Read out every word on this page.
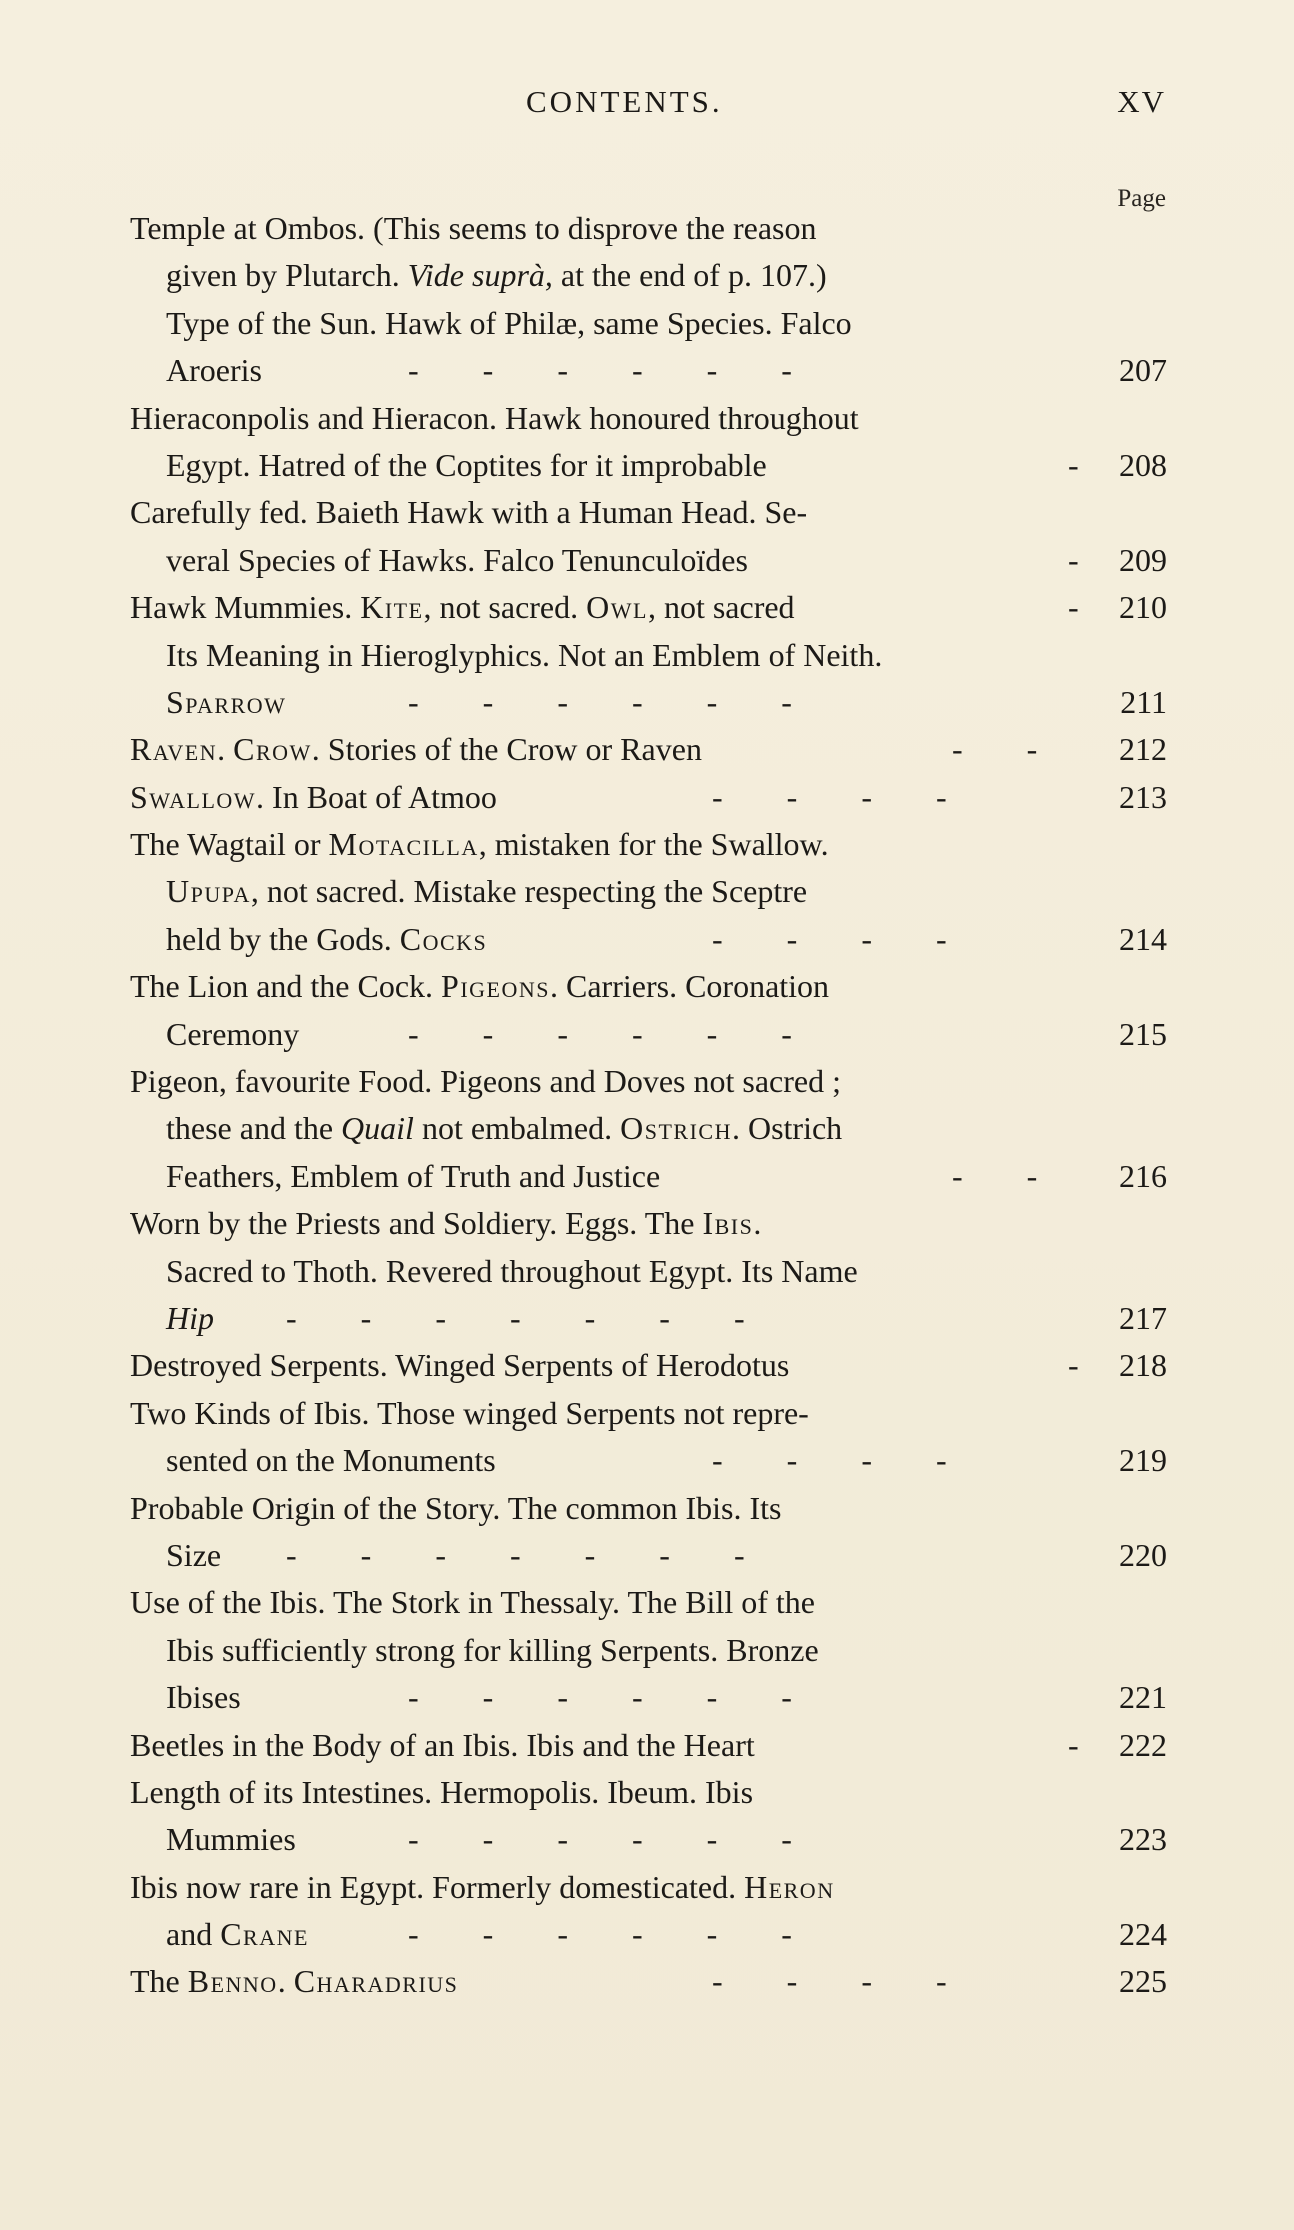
CONTENTS.	XV
Page
Temple at Ombos. (This seems to disprove the reason
given by Plutarch. Vide suprà, at the end of p. 107.)
Type of the Sun. Hawk of Philæ, same Species. Falco
Aroeris	-        -        -        -        -        -	207
Hieraconpolis and Hieracon. Hawk honoured throughout
Egypt. Hatred of the Coptites for it improbable	- 208
Carefully fed. Baieth Hawk with a Human Head. Se-
veral Species of Hawks. Falco Tenunculoïdes	- 209
Hawk Mummies. Kite, not sacred. Owl, not sacred	- 210
Its Meaning in Hieroglyphics. Not an Emblem of Neith.
Sparrow	-        -        -        -        -        -	211
Raven. Crow. Stories of the Crow or Raven	-        -	212
Swallow. In Boat of Atmoo	-        -        -        -	213
The Wagtail or Motacilla, mistaken for the Swallow.
Upupa, not sacred. Mistake respecting the Sceptre
held by the Gods. Cocks	-        -        -        -	214
The Lion and the Cock. Pigeons. Carriers. Coronation
Ceremony	-        -        -        -        -        -	215
Pigeon, favourite Food. Pigeons and Doves not sacred ;
these and the Quail not embalmed. Ostrich. Ostrich
Feathers, Emblem of Truth and Justice	-        -	216
Worn by the Priests and Soldiery. Eggs. The Ibis.
Sacred to Thoth. Revered throughout Egypt. Its Name
Hip -        -        -        -        -        -        -	217
Destroyed Serpents. Winged Serpents of Herodotus	- 218
Two Kinds of Ibis. Those winged Serpents not repre-
sented on the Monuments	-        -        -        -	219
Probable Origin of the Story. The common Ibis. Its
Size -        -        -        -        -        -        -	220
Use of the Ibis. The Stork in Thessaly. The Bill of the
Ibis sufficiently strong for killing Serpents. Bronze
Ibises	-        -        -        -        -        -	221
Beetles in the Body of an Ibis. Ibis and the Heart	- 222
Length of its Intestines. Hermopolis. Ibeum. Ibis
Mummies	-        -        -        -        -        -	223
Ibis now rare in Egypt. Formerly domesticated. Heron
and Crane	-        -        -        -        -        -	224
The Benno. Charadrius	-        -        -        -	225
